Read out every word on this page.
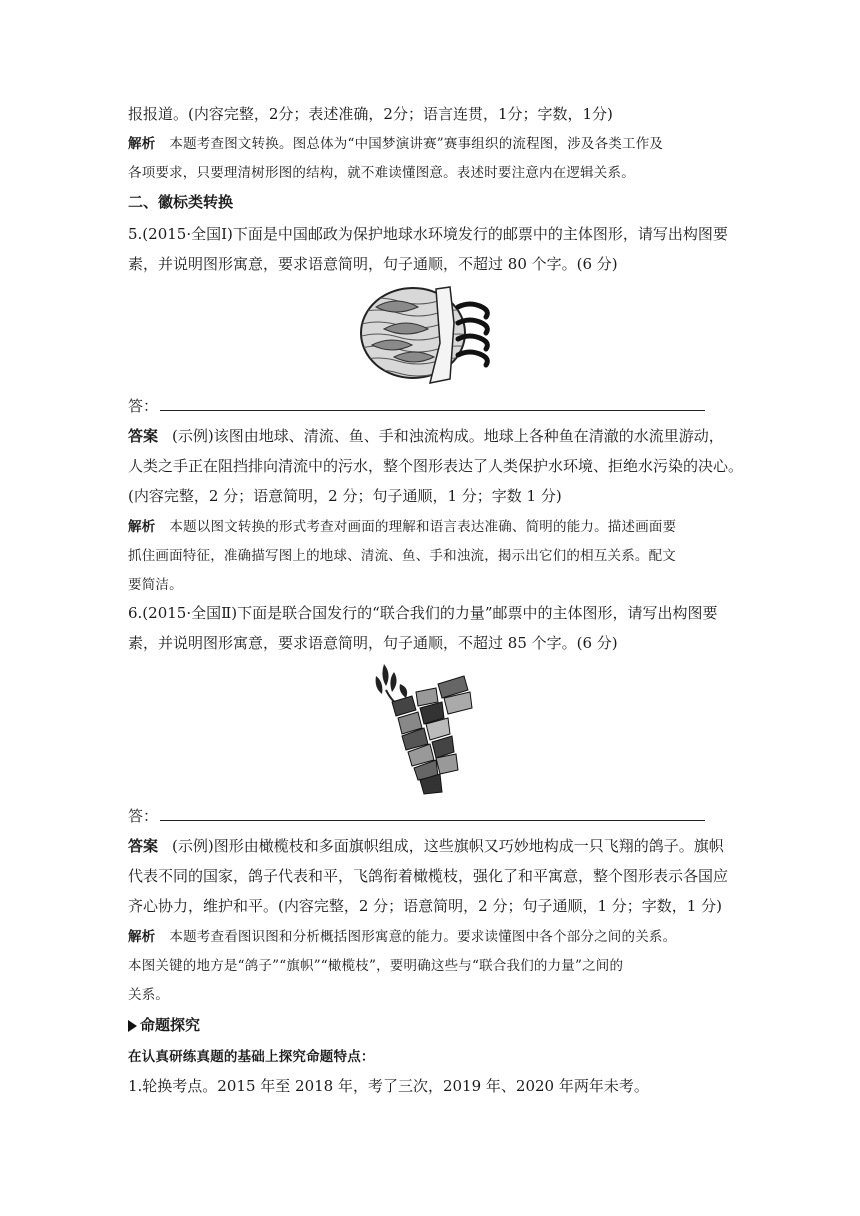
报报道。(内容完整，2分；表述准确，2分；语言连贯，1分；字数，1分)
解析 本题考查图文转换。图总体为“中国梦演讲赛”赛事组织的流程图，涉及各类工作及
各项要求，只要理清树形图的结构，就不难读懂图意。表述时要注意内在逻辑关系。
二、徽标类转换
5.(2015·全国Ⅰ)下面是中国邮政为保护地球水环境发行的邮票中的主体图形，请写出构图要
素，并说明图形寓意，要求语意简明，句子通顺，不超过 80 个字。(6 分)
答：
答案 (示例)该图由地球、清流、鱼、手和浊流构成。地球上各种鱼在清澈的水流里游动，
人类之手正在阻挡排向清流中的污水，整个图形表达了人类保护水环境、拒绝水污染的决心。
(内容完整，2 分；语意简明，2 分；句子通顺，1 分；字数 1 分)
解析 本题以图文转换的形式考查对画面的理解和语言表达准确、简明的能力。描述画面要
抓住画面特征，准确描写图上的地球、清流、鱼、手和浊流，揭示出它们的相互关系。配文
要简洁。
6.(2015·全国Ⅱ)下面是联合国发行的“联合我们的力量”邮票中的主体图形，请写出构图要
素，并说明图形寓意，要求语意简明，句子通顺，不超过 85 个字。(6 分)
答：
答案 (示例)图形由橄榄枝和多面旗帜组成，这些旗帜又巧妙地构成一只飞翔的鸽子。旗帜
代表不同的国家，鸽子代表和平，飞鸽衔着橄榄枝，强化了和平寓意，整个图形表示各国应
齐心协力，维护和平。(内容完整，2 分；语意简明，2 分；句子通顺，1 分；字数，1 分)
解析 本题考查看图识图和分析概括图形寓意的能力。要求读懂图中各个部分之间的关系。
本图关键的地方是“鸽子”“旗帜”“橄榄枝”，要明确这些与“联合我们的力量”之间的
关系。
命题探究
在认真研练真题的基础上探究命题特点：
1.轮换考点。2015 年至 2018 年，考了三次，2019 年、2020 年两年未考。
